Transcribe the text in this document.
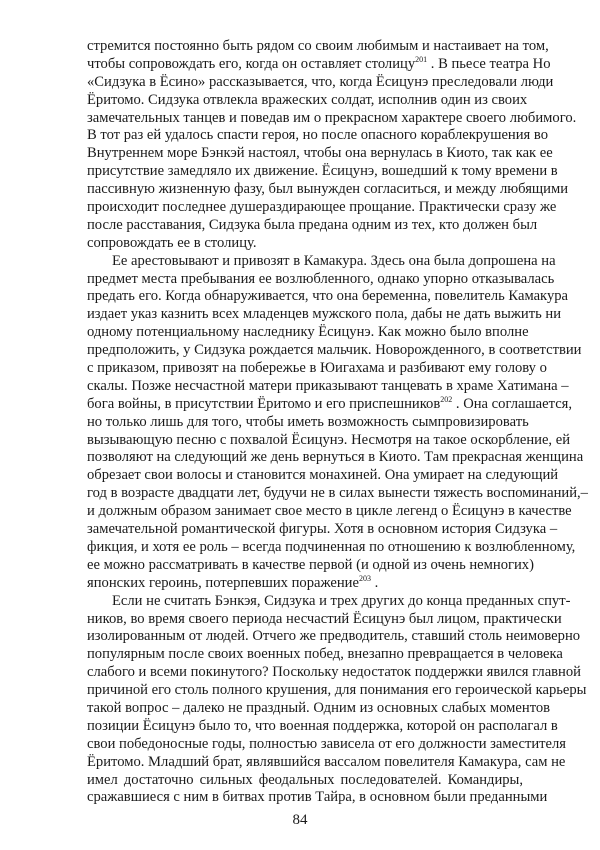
стремится постоянно быть рядом со своим любимым и настаивает на том,
чтобы сопровождать его, когда он оставляет столицу$^{201}$ . В пьесе театра Но
«Сидзука в Ёсино» рассказывается, что, когда Ёсицунэ преследовали люди
Ёритомо. Сидзука отвлекла вражеских солдат, исполнив один из своих
замечательных танцев и поведав им о прекрасном характере своего любимого.
В тот раз ей удалось спасти героя, но после опасного кораблекрушения во
Внутреннем море Бэнкэй настоял, чтобы она вернулась в Киото, так как ее
присутствие замедляло их движение. Ёсицунэ, вошедший к тому времени в
пассивную жизненную фазу, был вынужден согласиться, и между любящими
происходит последнее душераздирающее прощание. Практически сразу же
после расставания, Сидзука была предана одним из тех, кто должен был
сопровождать ее в столицу.
Ее арестовывают и привозят в Камакура. Здесь она была допрошена на
предмет места пребывания ее возлюбленного, однако упорно отказывалась
предать его. Когда обнаруживается, что она беременна, повелитель Камакура
издает указ казнить всех младенцев мужского пола, дабы не дать выжить ни
одному потенциальному наследнику Ёсицунэ. Как можно было вполне
предположить, у Сидзука рождается мальчик. Новорожденного, в соответствии
с приказом, привозят на побережье в Юигахама и разбивают ему голову о
скалы. Позже несчастной матери приказывают танцевать в храме Хатимана –
бога войны, в присутствии Ёритомо и его приспешников$^{202}$ . Она соглашается,
но только лишь для того, чтобы иметь возможность сымпровизировать
вызывающую песню с похвалой Ёсицунэ. Несмотря на такое оскорбление, ей
позволяют на следующий же день вернуться в Киото. Там прекрасная женщина
обрезает свои волосы и становится монахиней. Она умирает на следующий
год в возрасте двадцати лет, будучи не в силах вынести тяжесть воспоминаний,–
и должным образом занимает свое место в цикле легенд о Ёсицунэ в качестве
замечательной романтической фигуры. Хотя в основном история Сидзука –
фикция, и хотя ее роль – всегда подчиненная по отношению к возлюбленному,
ее можно рассматривать в качестве первой (и одной из очень немногих)
японских героинь, потерпевших поражение$^{203}$ .
Если не считать Бэнкэя, Сидзука и трех других до конца преданных спут-
ников, во время своего периода несчастий Ёсицунэ был лицом, практически
изолированным от людей. Отчего же предводитель, ставший столь неимоверно
популярным после своих военных побед, внезапно превращается в человека
слабого и всеми покинутого? Поскольку недостаток поддержки явился главной
причиной его столь полного крушения, для понимания его героической карьеры
такой вопрос – далеко не праздный. Одним из основных слабых моментов
позиции Ёсицунэ было то, что военная поддержка, которой он располагал в
свои победоносные годы, полностью зависела от его должности заместителя
Ёритомо. Младший брат, являвшийся вассалом повелителя Камакура, сам не
имел достаточно сильных феодальных последователей. Командиры,
сражавшиеся с ним в битвах против Тайра, в основном были преданными
84
